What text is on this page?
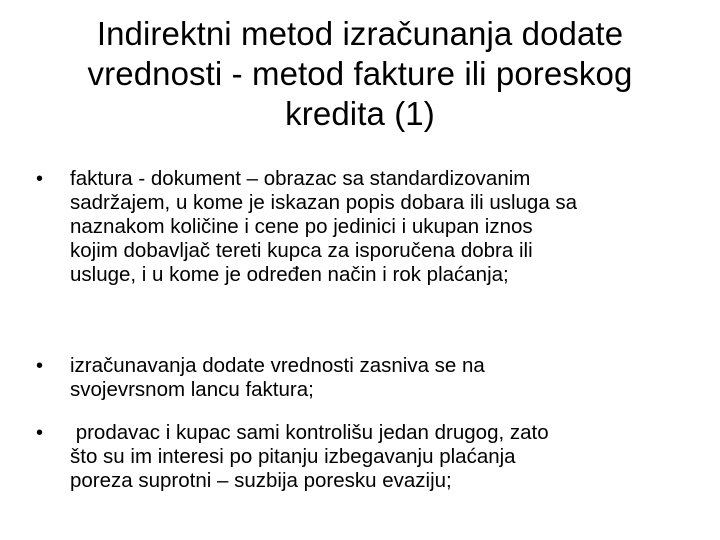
Indirektni metod izračunanja dodate
vrednosti - metod fakture ili poreskog
kredita (1)
•	faktura - dokument – obrazac sa standardizovanim
sadržajem, u kome je iskazan popis dobara ili usluga sa
naznakom količine i cene po jedinici i ukupan iznos
kojim dobavljač tereti kupca za isporučena dobra ili
usluge, i u kome je određen način i rok plaćanja;
•	izračunavanja dodate vrednosti zasniva se na
svojevrsnom lancu faktura;
•	prodavac i kupac sami kontrolišu jedan drugog, zato
što su im interesi po pitanju izbegavanju plaćanja
poreza suprotni – suzbija poresku evaziju;
